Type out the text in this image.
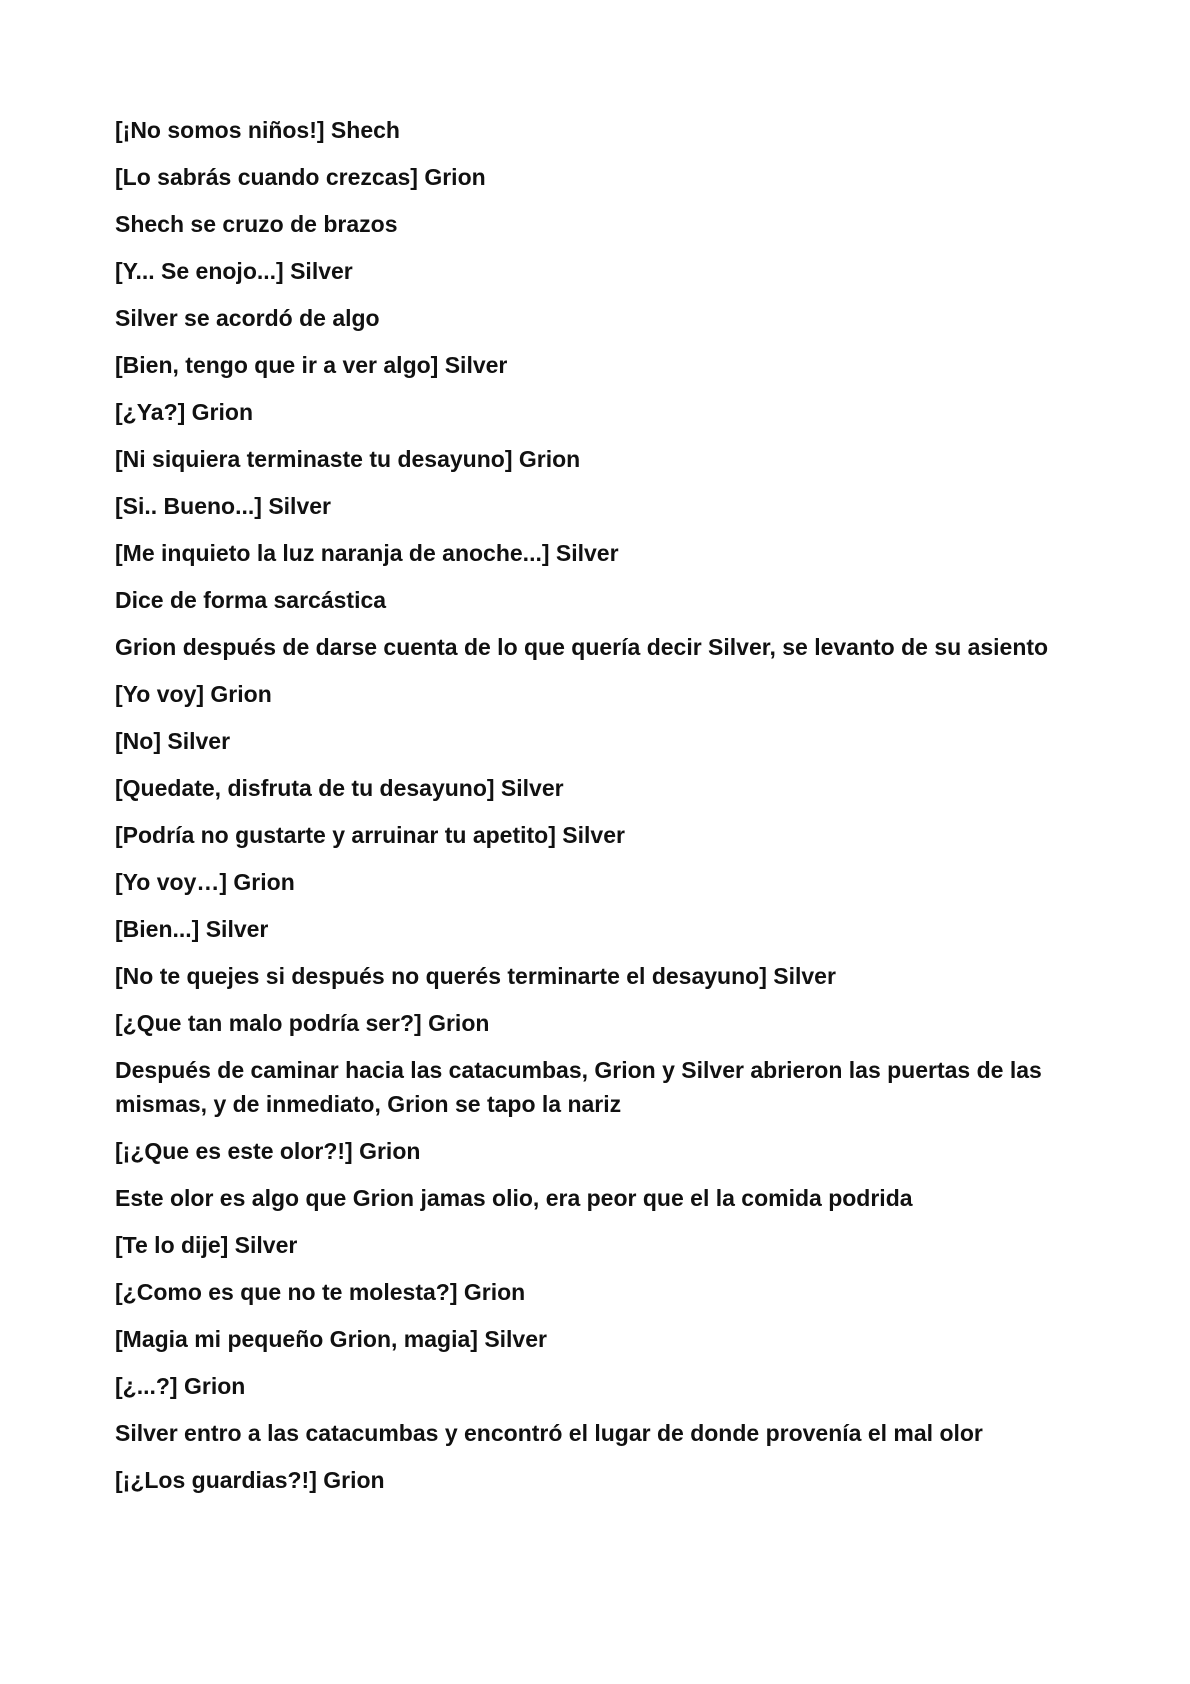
[¡No somos niños!] Shech

[Lo sabrás cuando crezcas] Grion

Shech se cruzo de brazos

[Y... Se enojo...] Silver

Silver se acordó de algo

[Bien, tengo que ir a ver algo] Silver

[¿Ya?] Grion

[Ni siquiera terminaste tu desayuno] Grion

[Si.. Bueno...] Silver

[Me inquieto la luz naranja de anoche...] Silver

Dice de forma sarcástica

Grion después de darse cuenta de lo que quería decir Silver, se levanto de su asiento

[Yo voy] Grion

[No] Silver

[Quedate, disfruta de tu desayuno] Silver

[Podría no gustarte y arruinar tu apetito] Silver

[Yo voy…] Grion

[Bien...] Silver

[No te quejes si después no querés terminarte el desayuno] Silver

[¿Que tan malo podría ser?] Grion

Después de caminar hacia las catacumbas, Grion y Silver abrieron las puertas de las mismas, y de inmediato, Grion se tapo la nariz

[¡¿Que es este olor?!] Grion

Este olor es algo que Grion jamas olio, era peor que el la comida podrida

[Te lo dije] Silver

[¿Como es que no te molesta?] Grion

[Magia mi pequeño Grion, magia] Silver

[¿...?] Grion

Silver entro a las catacumbas y encontró el lugar de donde provenía el mal olor

[¡¿Los guardias?!] Grion
